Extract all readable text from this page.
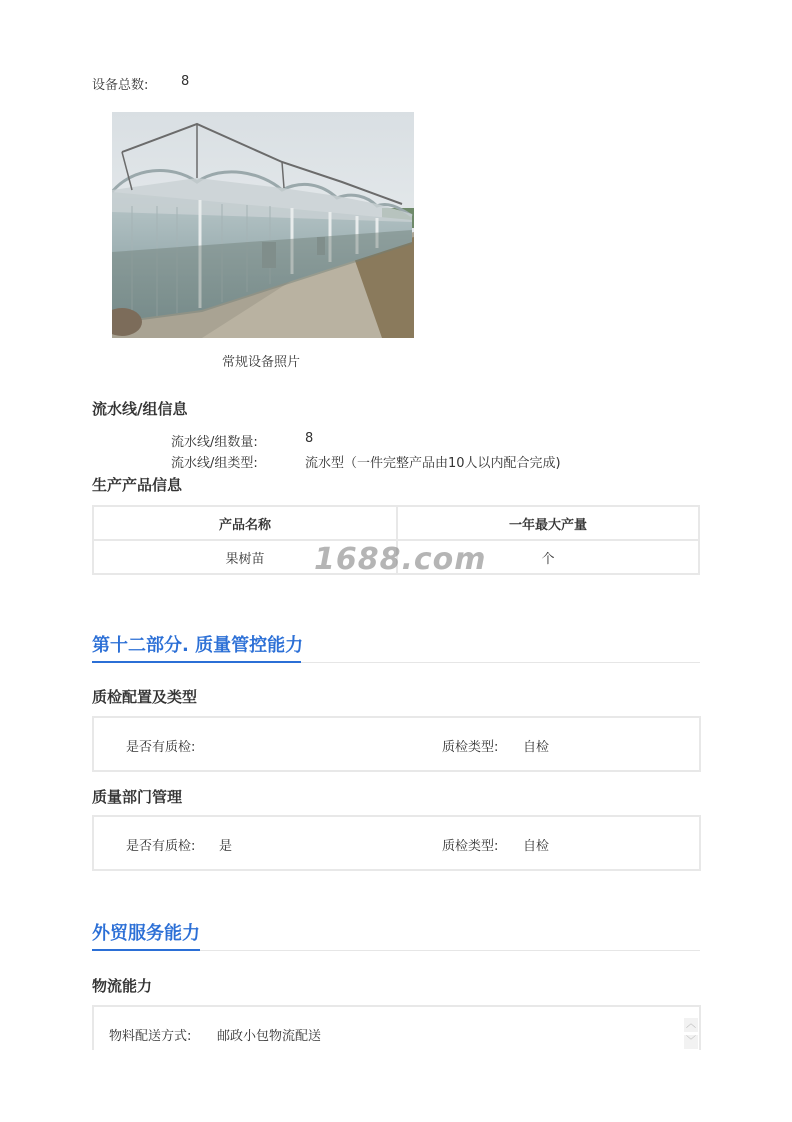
设备总数:	8
常规设备照片
流水线/组信息
流水线/组数量:	8
流水线/组类型:	流水型（一件完整产品由10人以内配合完成)
生产产品信息
产品名称	一年最大产量
果树苗	个
1688.com
第十二部分. 质量管控能力
质检配置及类型
是否有质检:	质检类型: 自检
质量部门管理
是否有质检: 是	质检类型: 自检
外贸服务能力
物流能力
物料配送方式: 邮政小包物流配送
︿
﹀
